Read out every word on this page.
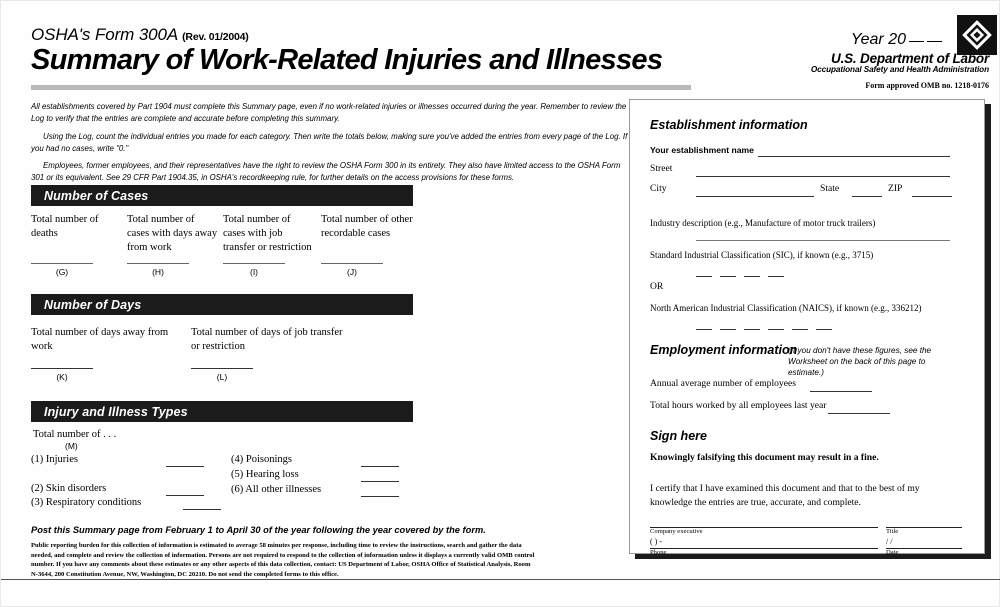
OSHA's Form 300A (Rev. 01/2004)
Summary of Work-Related Injuries and Illnesses
Year 20
U.S. Department of Labor
Occupational Safety and Health Administration
Form approved OMB no. 1218-0176

All establishments covered by Part 1904 must complete this Summary page, even if no work-related injuries or illnesses occurred during the year. Remember to review the Log to verify that the entries are complete and accurate before completing this summary.

Using the Log, count the individual entries you made for each category. Then write the totals below, making sure you've added the entries from every page of the Log. If you had no cases, write "0."

Employees, former employees, and their representatives have the right to review the OSHA Form 300 in its entirety. They also have limited access to the OSHA Form 301 or its equivalent. See 29 CFR Part 1904.35, in OSHA's recordkeeping rule, for further details on the access provisions for these forms.

Number of Cases
Total number of deaths
(G)
Total number of cases with days away from work
(H)
Total number of cases with job transfer or restriction
(I)
Total number of other recordable cases
(J)
Number of Days
Total number of days away from work
(K)
Total number of days of job transfer or restriction
(L)
Injury and Illness Types
Total number of . . .
(M)
(1) Injuries
(2) Skin disorders
(3) Respiratory conditions
(4) Poisonings
(5) Hearing loss
(6) All other illnesses
Post this Summary page from February 1 to April 30 of the year following the year covered by the form.
Public reporting burden for this collection of information is estimated to average 58 minutes per response, including time to review the instructions, search and gather the data needed, and complete and review the collection of information. Persons are not required to respond to the collection of information unless it displays a currently valid OMB control number. If you have any comments about these estimates or any other aspects of this data collection, contact: US Department of Labor, OSHA Office of Statistical Analysis, Room N-3644, 200 Constitution Avenue, NW, Washington, DC 20210. Do not send the completed forms to this office.
Establishment information
Your establishment name
Street
City	State	ZIP
Industry description (e.g., Manufacture of motor truck trailers)
Standard Industrial Classification (SIC), if known (e.g., 3715)
OR
North American Industrial Classification (NAICS), if known (e.g., 336212)
Employment information
(If you don't have these figures, see the Worksheet on the back of this page to estimate.)
Annual average number of employees
Total hours worked by all employees last year
Sign here
Knowingly falsifying this document may result in a fine.
I certify that I have examined this document and that to the best of my knowledge the entries are true, accurate, and complete.
Company executive	Title
( ) -
Phone
/ /
Date
